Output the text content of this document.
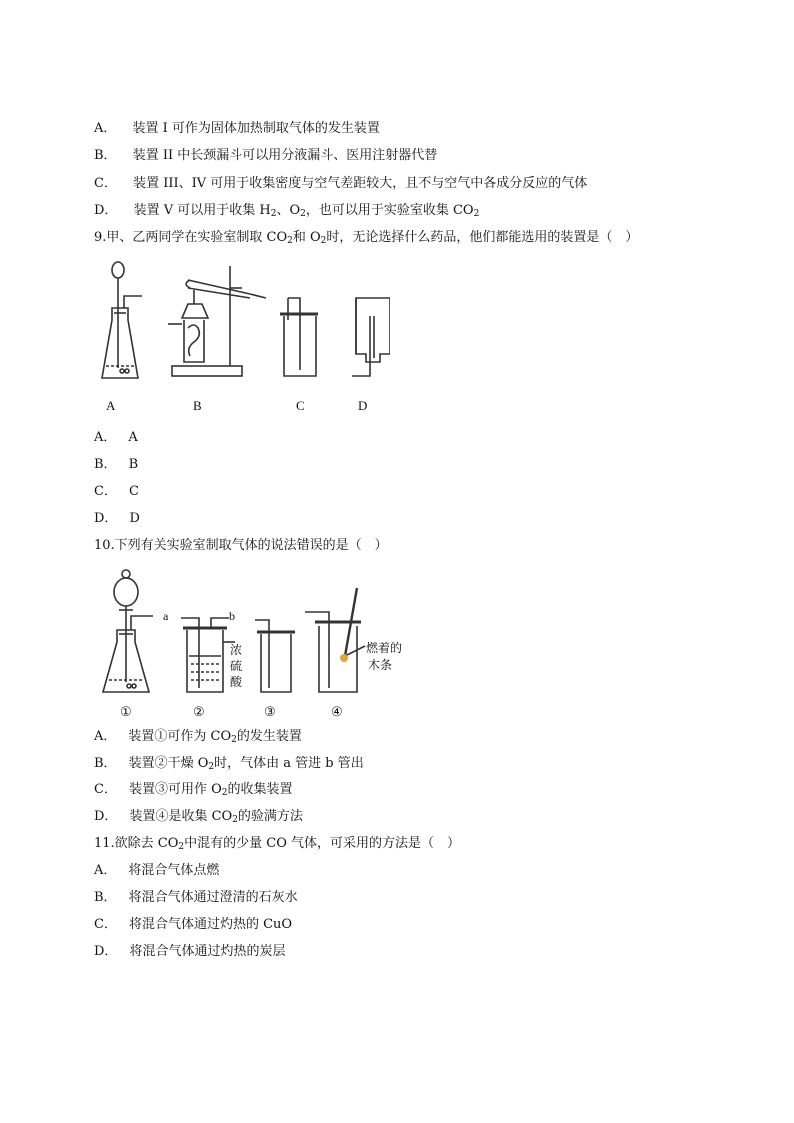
A． 装置 I 可作为固体加热制取气体的发生装置
B． 装置 II 中长颈漏斗可以用分液漏斗、医用注射器代替
C． 装置 III、IV 可用于收集密度与空气差距较大，且不与空气中各成分反应的气体
D． 装置 V 可以用于收集 $H_2$、$O_2$，也可以用于实验室收集 $CO_2$
9.甲、乙两同学在实验室制取 $CO_2$和 $O_2$时，无论选择什么药品，他们都能选用的装置是（　）
A	B	C	D
A． A
B． B
C． C
D． D
10.下列有关实验室制取气体的说法错误的是（　）
a	b
浓
硫
酸
燃着的
木条
①	②	③	④
A． 装置①可作为 $CO_2$的发生装置
B． 装置②干燥 $O_2$时，气体由 a 管进 b 管出
C． 装置③可用作 $O_2$的收集装置
D． 装置④是收集 $CO_2$的验满方法
11.欲除去 $CO_2$中混有的少量 CO 气体，可采用的方法是（　）
A． 将混合气体点燃
B． 将混合气体通过澄清的石灰水
C． 将混合气体通过灼热的 CuO
D． 将混合气体通过灼热的炭层
